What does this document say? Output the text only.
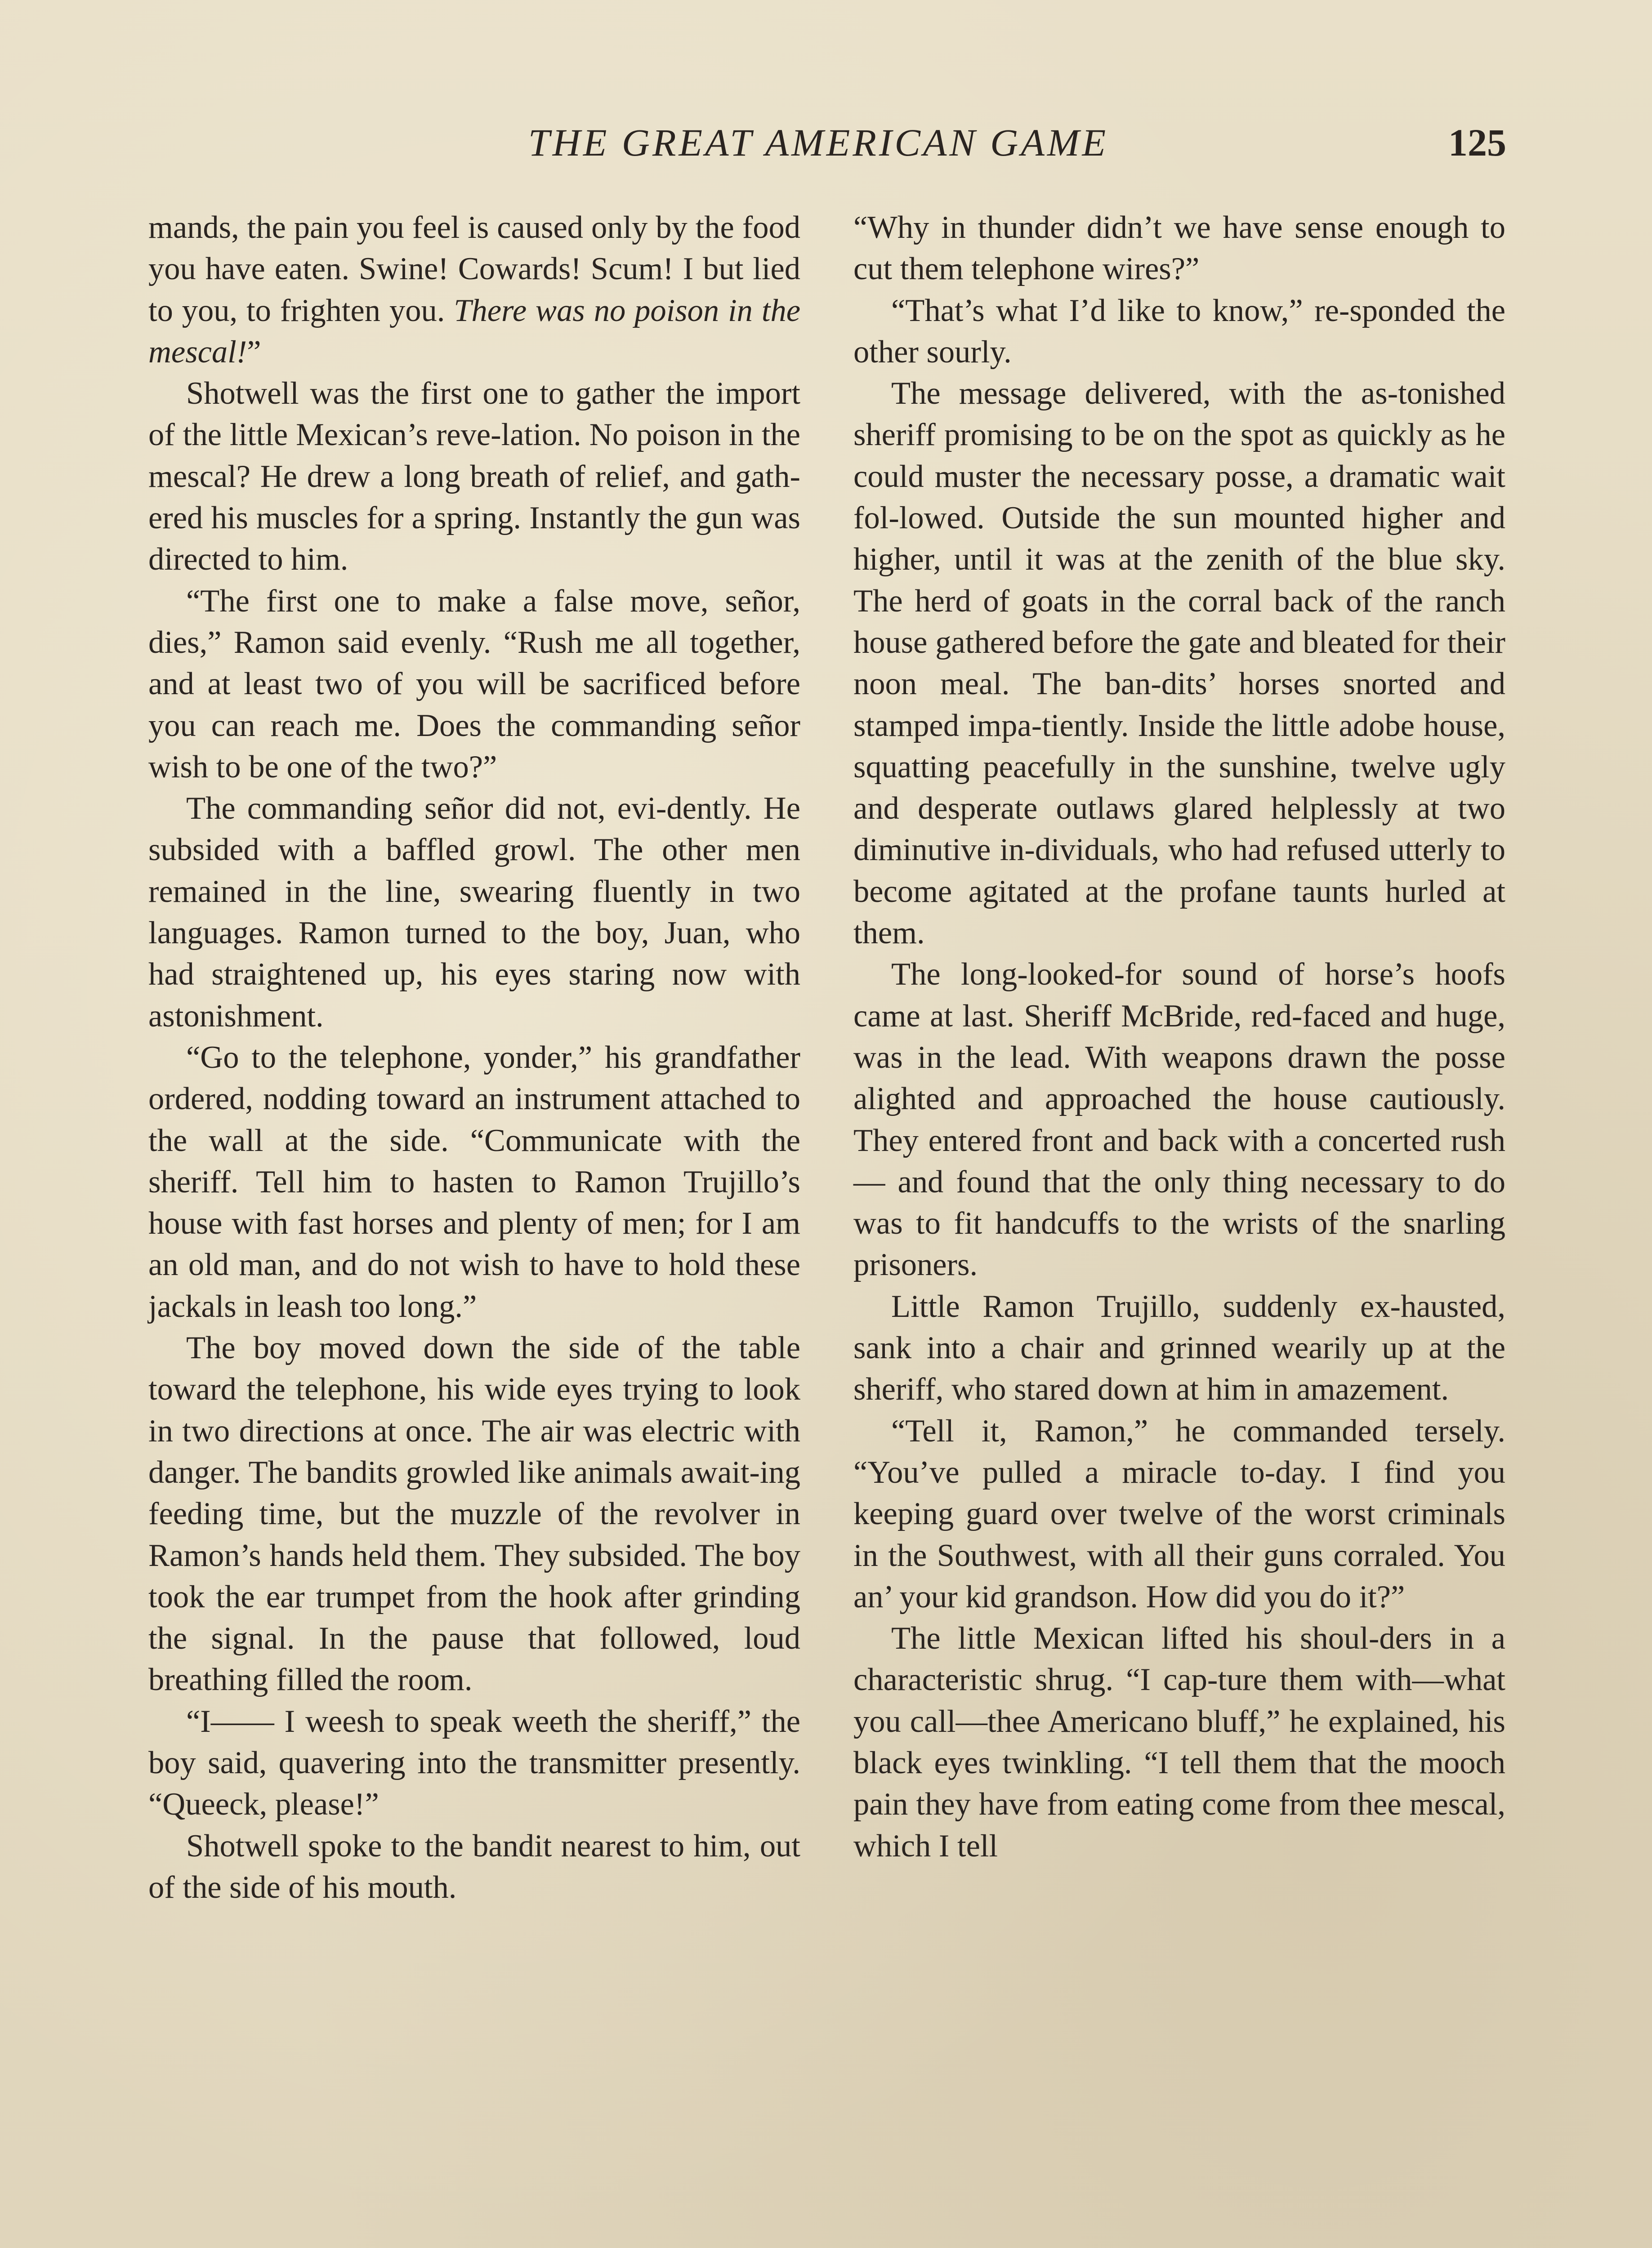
THE GREAT AMERICAN GAME	125

mands, the pain you feel is caused only by the food you have eaten. Swine! Cowards! Scum! I but lied to you, to frighten you. There was no poison in the mescal!”

Shotwell was the first one to gather the import of the little Mexican’s reve-lation. No poison in the mescal? He drew a long breath of relief, and gath-ered his muscles for a spring. Instantly the gun was directed to him.

“The first one to make a false move, señor, dies,” Ramon said evenly. “Rush me all together, and at least two of you will be sacrificed before you can reach me. Does the commanding señor wish to be one of the two?”

The commanding señor did not, evi-dently. He subsided with a baffled growl. The other men remained in the line, swearing fluently in two languages. Ramon turned to the boy, Juan, who had straightened up, his eyes staring now with astonishment.

“Go to the telephone, yonder,” his grandfather ordered, nodding toward an instrument attached to the wall at the side. “Communicate with the sheriff. Tell him to hasten to Ramon Trujillo’s house with fast horses and plenty of men; for I am an old man, and do not wish to have to hold these jackals in leash too long.”

The boy moved down the side of the table toward the telephone, his wide eyes trying to look in two directions at once. The air was electric with danger. The bandits growled like animals await-ing feeding time, but the muzzle of the revolver in Ramon’s hands held them. They subsided. The boy took the ear trumpet from the hook after grinding the signal. In the pause that followed, loud breathing filled the room.

“I—— I weesh to speak weeth the sheriff,” the boy said, quavering into the transmitter presently. “Queeck, please!”

Shotwell spoke to the bandit nearest to him, out of the side of his mouth.

“Why in thunder didn’t we have sense enough to cut them telephone wires?”

“That’s what I’d like to know,” re-sponded the other sourly.

The message delivered, with the as-tonished sheriff promising to be on the spot as quickly as he could muster the necessary posse, a dramatic wait fol-lowed. Outside the sun mounted higher and higher, until it was at the zenith of the blue sky. The herd of goats in the corral back of the ranch house gathered before the gate and bleated for their noon meal. The ban-dits’ horses snorted and stamped impa-tiently. Inside the little adobe house, squatting peacefully in the sunshine, twelve ugly and desperate outlaws glared helplessly at two diminutive in-dividuals, who had refused utterly to become agitated at the profane taunts hurled at them.

The long-looked-for sound of horse’s hoofs came at last. Sheriff McBride, red-faced and huge, was in the lead. With weapons drawn the posse alighted and approached the house cautiously. They entered front and back with a concerted rush — and found that the only thing necessary to do was to fit handcuffs to the wrists of the snarling prisoners.

Little Ramon Trujillo, suddenly ex-hausted, sank into a chair and grinned wearily up at the sheriff, who stared down at him in amazement.

“Tell it, Ramon,” he commanded tersely. “You’ve pulled a miracle to-day. I find you keeping guard over twelve of the worst criminals in the Southwest, with all their guns corraled. You an’ your kid grandson. How did you do it?”

The little Mexican lifted his shoul-ders in a characteristic shrug. “I cap-ture them with—what you call—thee Americano bluff,” he explained, his black eyes twinkling. “I tell them that the mooch pain they have from eating come from thee mescal, which I tell
